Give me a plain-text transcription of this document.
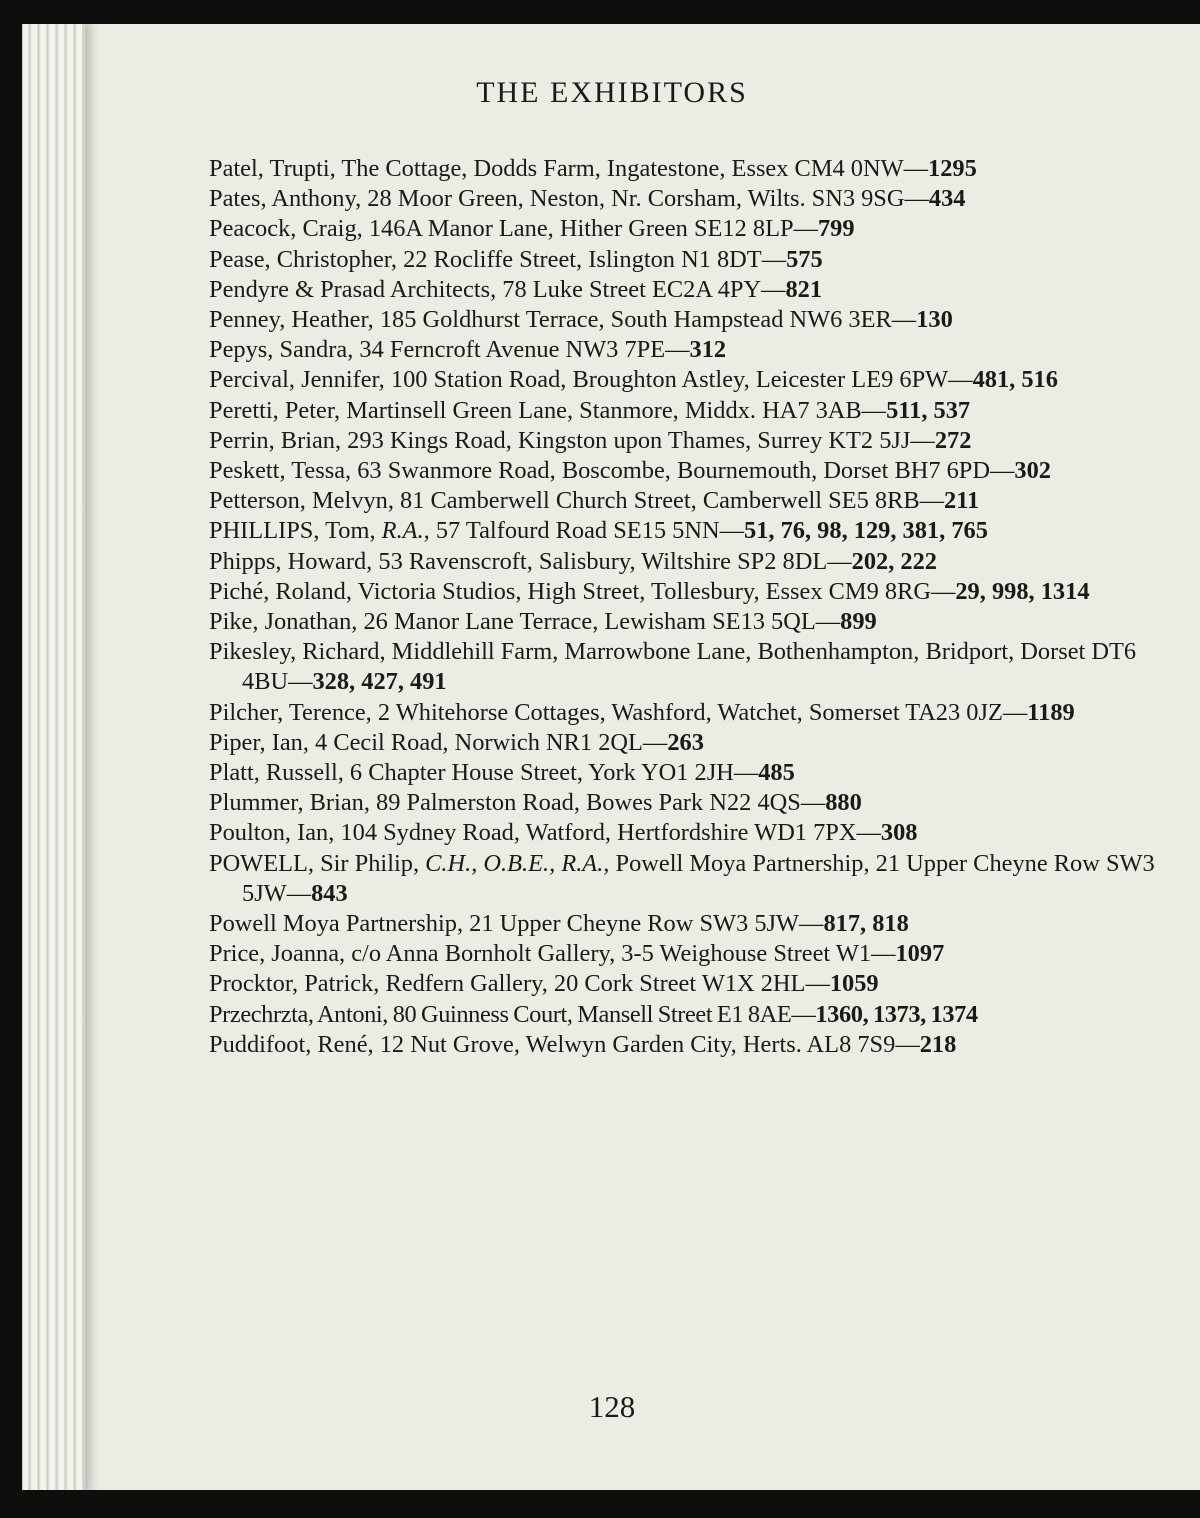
THE EXHIBITORS

Patel, Trupti, The Cottage, Dodds Farm, Ingatestone, Essex CM4 0NW—1295

Pates, Anthony, 28 Moor Green, Neston, Nr. Corsham, Wilts. SN3 9SG—434

Peacock, Craig, 146A Manor Lane, Hither Green SE12 8LP—799

Pease, Christopher, 22 Rocliffe Street, Islington N1 8DT—575

Pendyre & Prasad Architects, 78 Luke Street EC2A 4PY—821

Penney, Heather, 185 Goldhurst Terrace, South Hampstead NW6 3ER—130

Pepys, Sandra, 34 Ferncroft Avenue NW3 7PE—312

Percival, Jennifer, 100 Station Road, Broughton Astley, Leicester LE9 6PW—481, 516

Peretti, Peter, Martinsell Green Lane, Stanmore, Middx. HA7 3AB—511, 537

Perrin, Brian, 293 Kings Road, Kingston upon Thames, Surrey KT2 5JJ—272

Peskett, Tessa, 63 Swanmore Road, Boscombe, Bournemouth, Dorset BH7 6PD—302

Petterson, Melvyn, 81 Camberwell Church Street, Camberwell SE5 8RB—211

PHILLIPS, Tom, R.A., 57 Talfourd Road SE15 5NN—51, 76, 98, 129, 381, 765

Phipps, Howard, 53 Ravenscroft, Salisbury, Wiltshire SP2 8DL—202, 222

Piché, Roland, Victoria Studios, High Street, Tollesbury, Essex CM9 8RG—29, 998, 1314

Pike, Jonathan, 26 Manor Lane Terrace, Lewisham SE13 5QL—899

Pikesley, Richard, Middlehill Farm, Marrowbone Lane, Bothenhampton, Bridport, Dorset DT6 4BU—328, 427, 491

Pilcher, Terence, 2 Whitehorse Cottages, Washford, Watchet, Somerset TA23 0JZ—1189

Piper, Ian, 4 Cecil Road, Norwich NR1 2QL—263

Platt, Russell, 6 Chapter House Street, York YO1 2JH—485

Plummer, Brian, 89 Palmerston Road, Bowes Park N22 4QS—880

Poulton, Ian, 104 Sydney Road, Watford, Hertfordshire WD1 7PX—308

POWELL, Sir Philip, C.H., O.B.E., R.A., Powell Moya Partnership, 21 Upper Cheyne Row SW3 5JW—843

Powell Moya Partnership, 21 Upper Cheyne Row SW3 5JW—817, 818

Price, Joanna, c/o Anna Bornholt Gallery, 3-5 Weighouse Street W1—1097

Procktor, Patrick, Redfern Gallery, 20 Cork Street W1X 2HL—1059

Przechrzta, Antoni, 80 Guinness Court, Mansell Street E1 8AE—1360, 1373, 1374

Puddifoot, René, 12 Nut Grove, Welwyn Garden City, Herts. AL8 7S9—218

128
